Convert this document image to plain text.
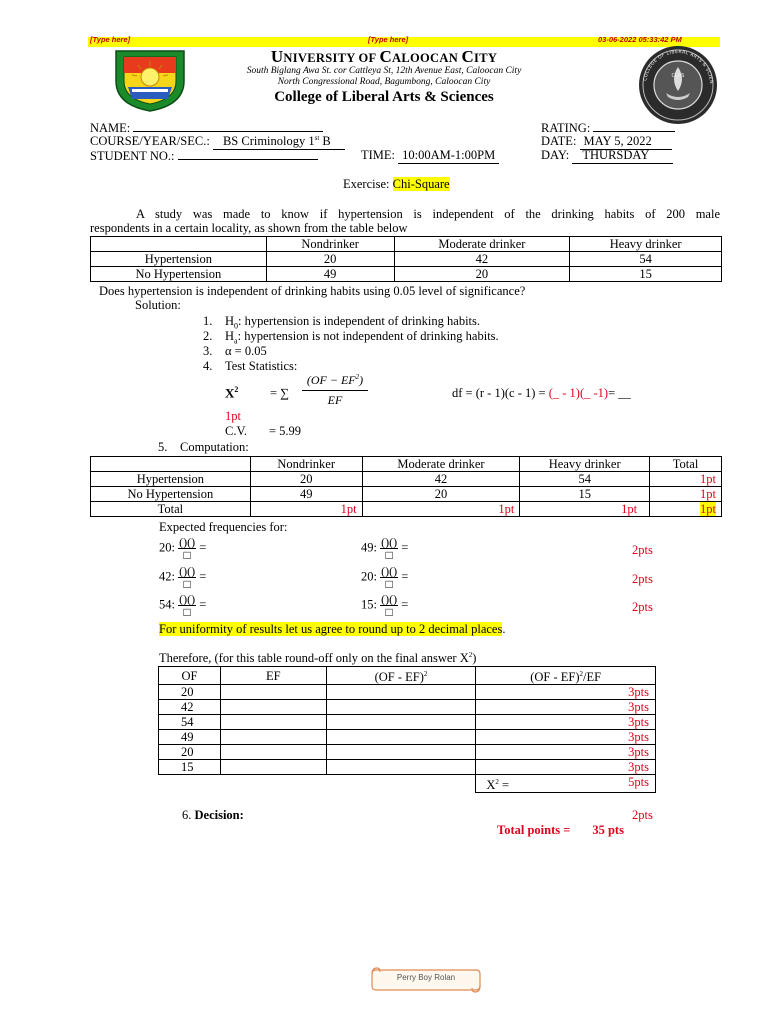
[Type here]	[Type here]	03-06-2022 05:33:42 PM
UNIVERSITY OF CALOOCAN CITY
South Biglang Awa St. cor Cattleya St, 12th Avenue East, Caloocan City
North Congressional Road, Bagumbong, Caloocan City
College of Liberal Arts & Sciences
CLAS
COLLEGE OF LIBERAL ARTS & SCIEN
NAME:
COURSE/YEAR/SEC.: BS Criminology 1st B
STUDENT NO.:	TIME: 10:00AM-1:00PM
RATING:
DATE: MAY 5, 2022
DAY: THURSDAY
Exercise: Chi-Square
A study was made to know if hypertension is independent of the drinking habits of 200 male
respondents in a certain locality, as shown from the table below
	Nondrinker	Moderate drinker	Heavy drinker
Hypertension	20	42	54
No Hypertension	49	20	15
Does hypertension is independent of drinking habits using 0.05 level of significance?
Solution:
1. $H_0$: hypertension is independent of drinking habits.
2. $H_a$: hypertension is not independent of drinking habits.
3. α = 0.05
4. Test Statistics:
$X^2$	= ∑
$(OF - EF^2)$
EF	df = (r - 1)(c - 1) = (_ - 1)(_ -1)= __
1pt
C.V. = 5.99
5. Computation:
	Nondrinker	Moderate drinker	Heavy drinker	Total
Hypertension	20	42	54	1pt
No Hypertension	49	20	15	1pt
Total	1pt	1pt	1pt	1pt
Expected frequencies for:
20: $\frac{()()}{□}$ =	49: $\frac{()()}{□}$ =	2pts
42: $\frac{()()}{□}$ =	20: $\frac{()()}{□}$ =	2pts
54: $\frac{()()}{□}$ =	15: $\frac{()()}{□}$ =	2pts
For uniformity of results let us agree to round up to 2 decimal places.
Therefore, (for this table round-off only on the final answer $X^2$)
OF	EF	(OF - EF)$^2$	(OF - EF)$^2$/EF
20			3pts
42			3pts
54			3pts
49			3pts
20			3pts
15			3pts
			$X^2 = 5pts$
6. Decision:	2pts
Total points = 35 pts
Perry Boy Rolan
